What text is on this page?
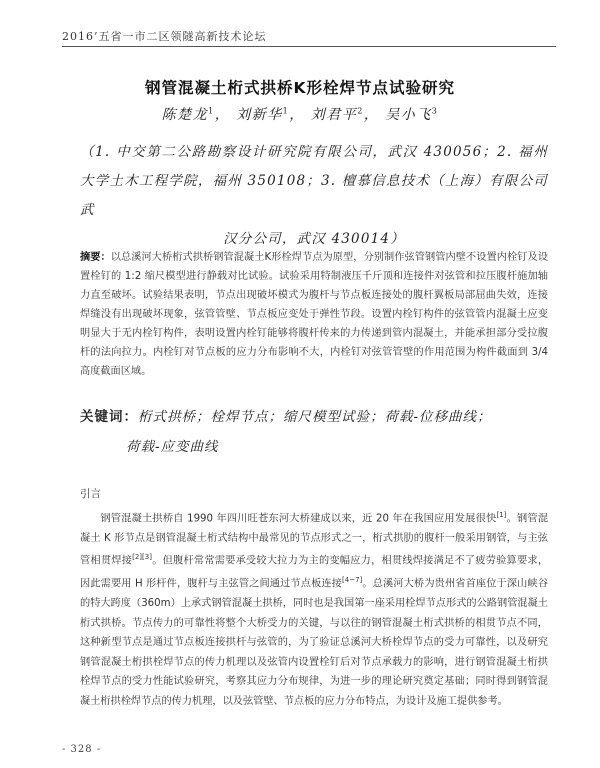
2016’五省一市二区领隧高新技术论坛
钢管混凝土桁式拱桥K形栓焊节点试验研究
陈楚龙$^1$， 刘新华$^1$， 刘君平$^2$， 吴小飞$^3$
（1. 中交第二公路勘察设计研究院有限公司，武汉 430056；2. 福州大学土木工程学院，福州 350108；3. 檀慕信息技术（上海）有限公司武
汉分公司，武汉 430014）
摘要：以总溪河大桥桁式拱桥钢管混凝土K形栓焊节点为原型，分别制作弦管钢管内壁不设置内栓钉及设置栓钉的 1:2 缩尺模型进行静载对比试验。试验采用特制液压千斤顶和连接件对弦管和拉压腹杆施加轴力直至破坏。试验结果表明，节点出现破坏模式为腹杆与节点板连接处的腹杆翼板局部屈曲失效，连接焊缝没有出现破坏现象，弦管管壁、节点板应变处于弹性节段。设置内栓钉构件的弦管管内混凝土应变明显大于无内栓钉构件，表明设置内栓钉能够将腹杆传来的力传递到管内混凝土，并能承担部分受拉腹杆的法向拉力。内栓钉对节点板的应力分布影响不大，内栓钉对弦管管壁的作用范围为构件截面到 3/4 高度截面区域。
关键词：桁式拱桥；栓焊节点；缩尺模型试验；荷载-位移曲线；
荷载-应变曲线
引言
钢管混凝土拱桥自 1990 年四川旺苍东河大桥建成以来，近 20 年在我国应用发展很快[1]。钢管混凝土 K 形节点是钢管混凝土桁式结构中最常见的节点形式之一，桁式拱肋的腹杆一般采用钢管，与主弦管相贯焊接[2][3]。但腹杆常常需要承受较大拉力为主的变幅应力，相贯线焊接满足不了疲劳验算要求，因此需要用 H 形杆件，腹杆与主弦管之间通过节点板连接[4~7]。总溪河大桥为贵州省首座位于深山峡谷的特大跨度（360m）上承式钢管混凝土拱桥，同时也是我国第一座采用栓焊节点形式的公路钢管混凝土桁式拱桥。节点传力的可靠性将整个大桥受力的关键，与以往的钢管混凝土桁式拱桥的相贯节点不同，这种新型节点是通过节点板连接拱杆与弦管的，为了验证总溪河大桥栓焊节点的受力可靠性，以及研究钢管混凝土桁拱栓焊节点的传力机理以及弦管内设置栓钉后对节点承载力的影响，进行钢管混凝土桁拱栓焊节点的受力性能试验研究，考察其应力分布规律，为进一步的理论研究奠定基础；同时得到钢管混凝土桁拱栓焊节点的传力机理，以及弦管壁、节点板的应力分布特点，为设计及施工提供参考。
- 328 -
